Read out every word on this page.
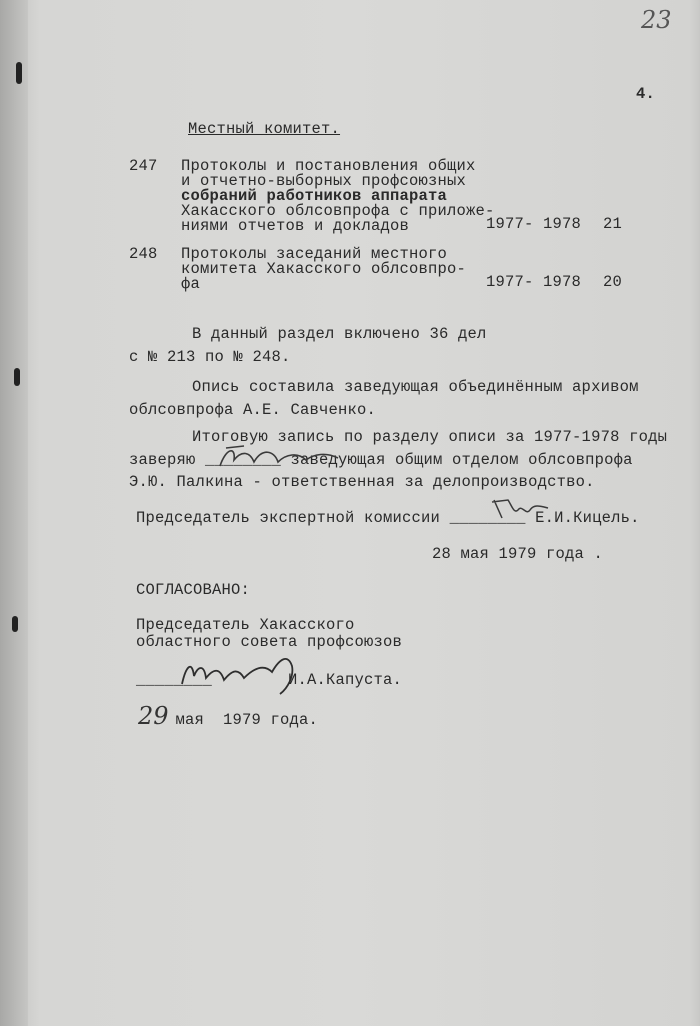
23
4.
Местный комитет.
247 Протоколы и постановления общих
и отчетно-выборных профсоюзных
собраний работников аппарата
Хакасского облсовпрофа с приложе-
ниями отчетов и докладов	1977- 1978 21
248 Протоколы заседаний местного
комитета Хакасского облсовпро-
фа	1977- 1978 20
В данный раздел включено 36 дел
с № 213 по № 248.
Опись составила заведующая объединённым архивом
облсовпрофа А.Е. Савченко.
Итоговую запись по разделу описи за 1977-1978 годы
заверяю ________ заведующая общим отделом облсовпрофа
Э.Ю. Палкина - ответственная за делопроизводство.
Председатель экспертной комиссии ________ Е.И.Кицель.
28 мая 1979 года .
СОГЛАСОВАНО:
Председатель Хакасского
областного совета профсоюзов
________	И.А.Капуста.
29
мая  1979 года.
